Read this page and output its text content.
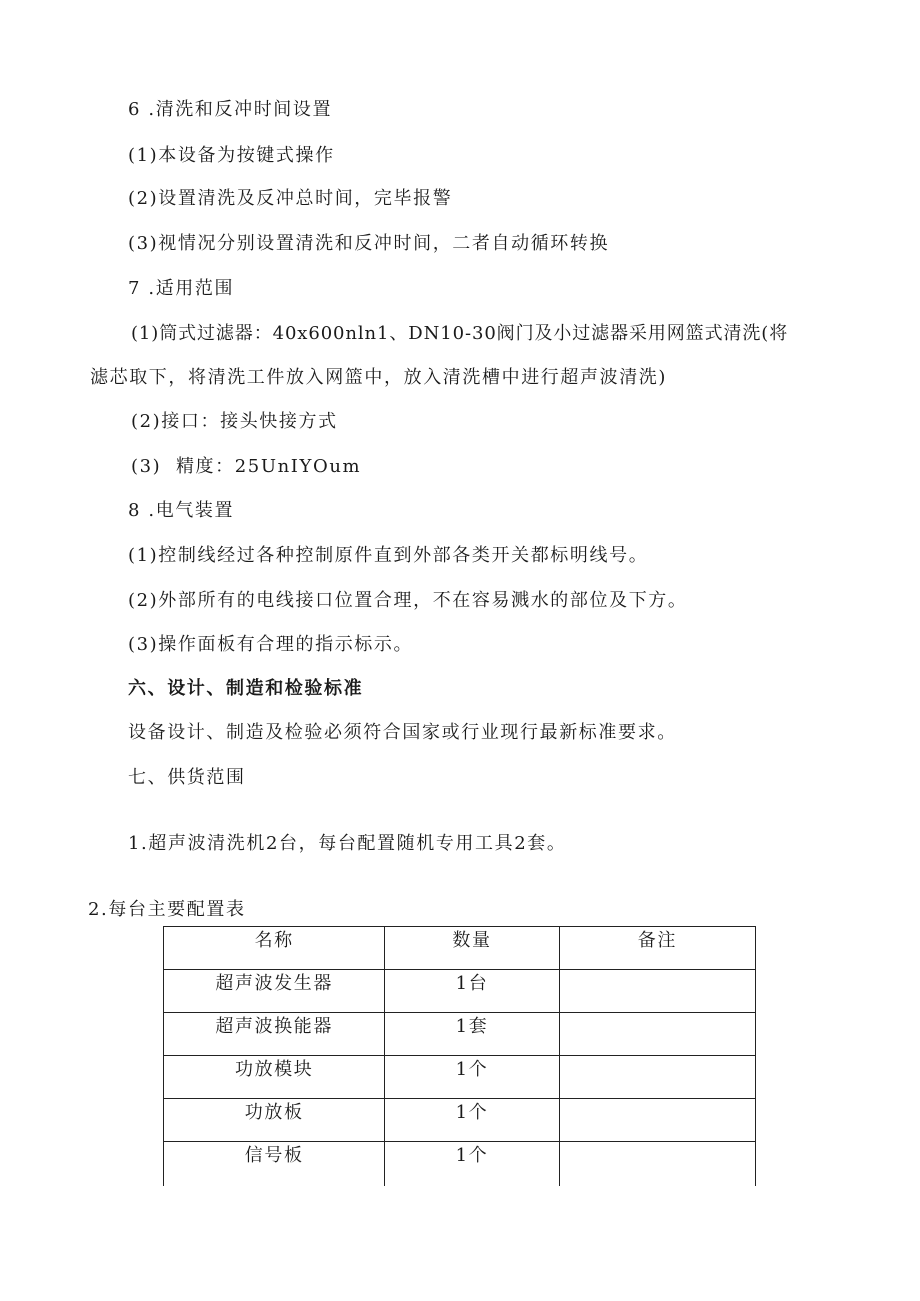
6 .清洗和反冲时间设置
(1)本设备为按键式操作
(2)设置清洗及反冲总时间，完毕报警
(3)视情况分别设置清洗和反冲时间，二者自动循环转换
7 .适用范围
(1)筒式过滤器：40x600nln1、DN10-30阀门及小过滤器采用网篮式清洗(将
滤芯取下，将清洗工件放入网篮中，放入清洗槽中进行超声波清洗)
(2)接口：接头快接方式
(3)  精度：25UnIYOum
8 .电气装置
(1)控制线经过各种控制原件直到外部各类开关都标明线号。
(2)外部所有的电线接口位置合理，不在容易溅水的部位及下方。
(3)操作面板有合理的指示标示。
六、设计、制造和检验标准
设备设计、制造及检验必须符合国家或行业现行最新标准要求。
七、供货范围
1.超声波清洗机2台，每台配置随机专用工具2套。
2.每台主要配置表
名称	数量	备注
超声波发生器	1台	
超声波换能器	1套	
功放模块	1个	
功放板	1个	
信号板	1个	
